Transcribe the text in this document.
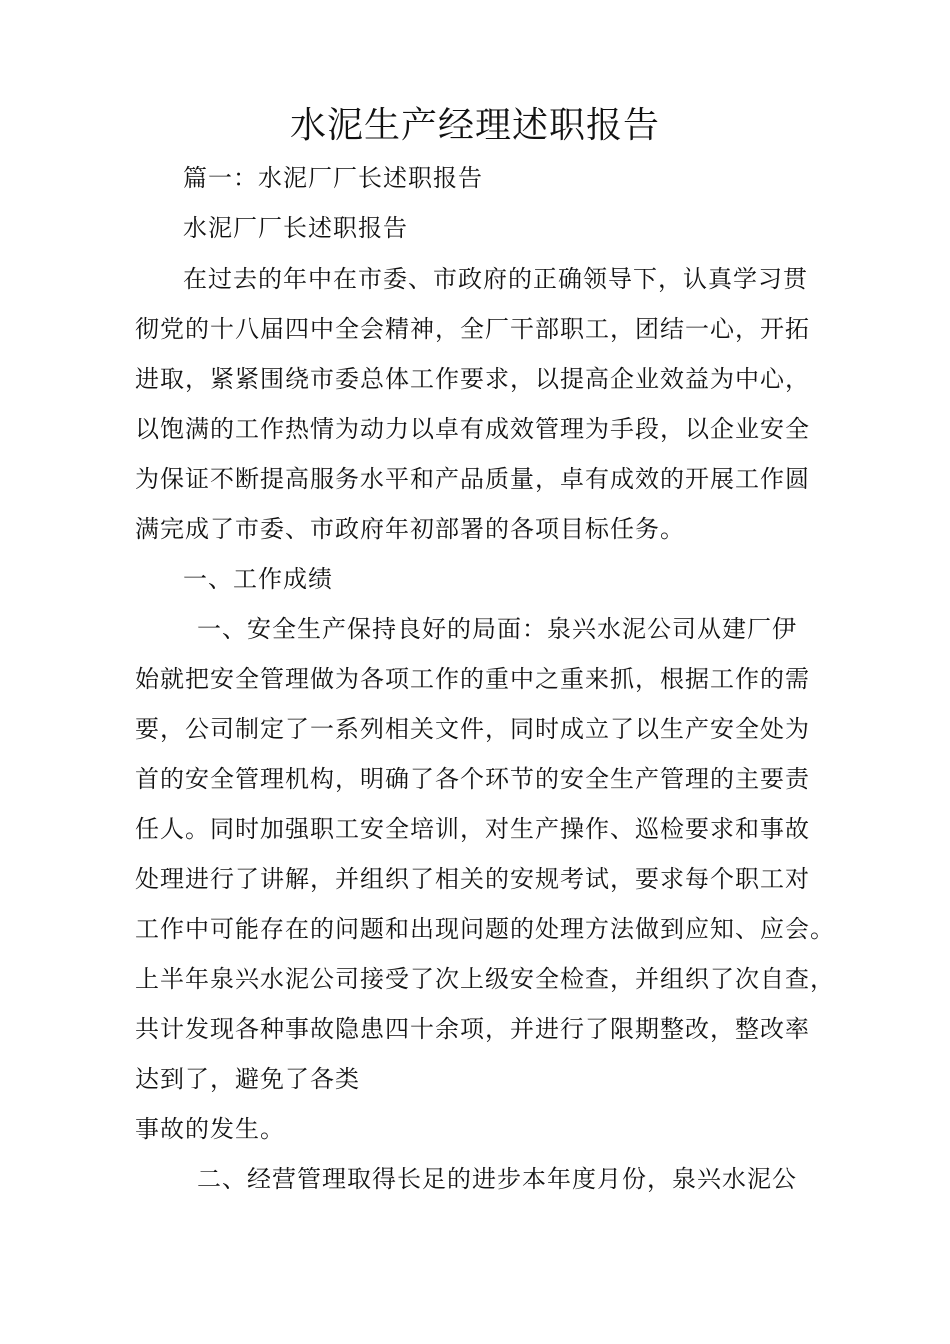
水泥生产经理述职报告
篇一：水泥厂厂长述职报告
水泥厂厂长述职报告
在过去的年中在市委、市政府的正确领导下，认真学习贯
彻党的十八届四中全会精神，全厂干部职工，团结一心，开拓
进取，紧紧围绕市委总体工作要求，以提高企业效益为中心，
以饱满的工作热情为动力以卓有成效管理为手段，以企业安全
为保证不断提高服务水平和产品质量，卓有成效的开展工作圆
满完成了市委、市政府年初部署的各项目标任务。
一、工作成绩
一、安全生产保持良好的局面：泉兴水泥公司从建厂伊
始就把安全管理做为各项工作的重中之重来抓，根据工作的需
要，公司制定了一系列相关文件，同时成立了以生产安全处为
首的安全管理机构，明确了各个环节的安全生产管理的主要责
任人。同时加强职工安全培训，对生产操作、巡检要求和事故
处理进行了讲解，并组织了相关的安规考试，要求每个职工对
工作中可能存在的问题和出现问题的处理方法做到应知、应会。
上半年泉兴水泥公司接受了次上级安全检查，并组织了次自查，
共计发现各种事故隐患四十余项，并进行了限期整改，整改率
达到了，避免了各类
事故的发生。
二、经营管理取得长足的进步本年度月份，泉兴水泥公
